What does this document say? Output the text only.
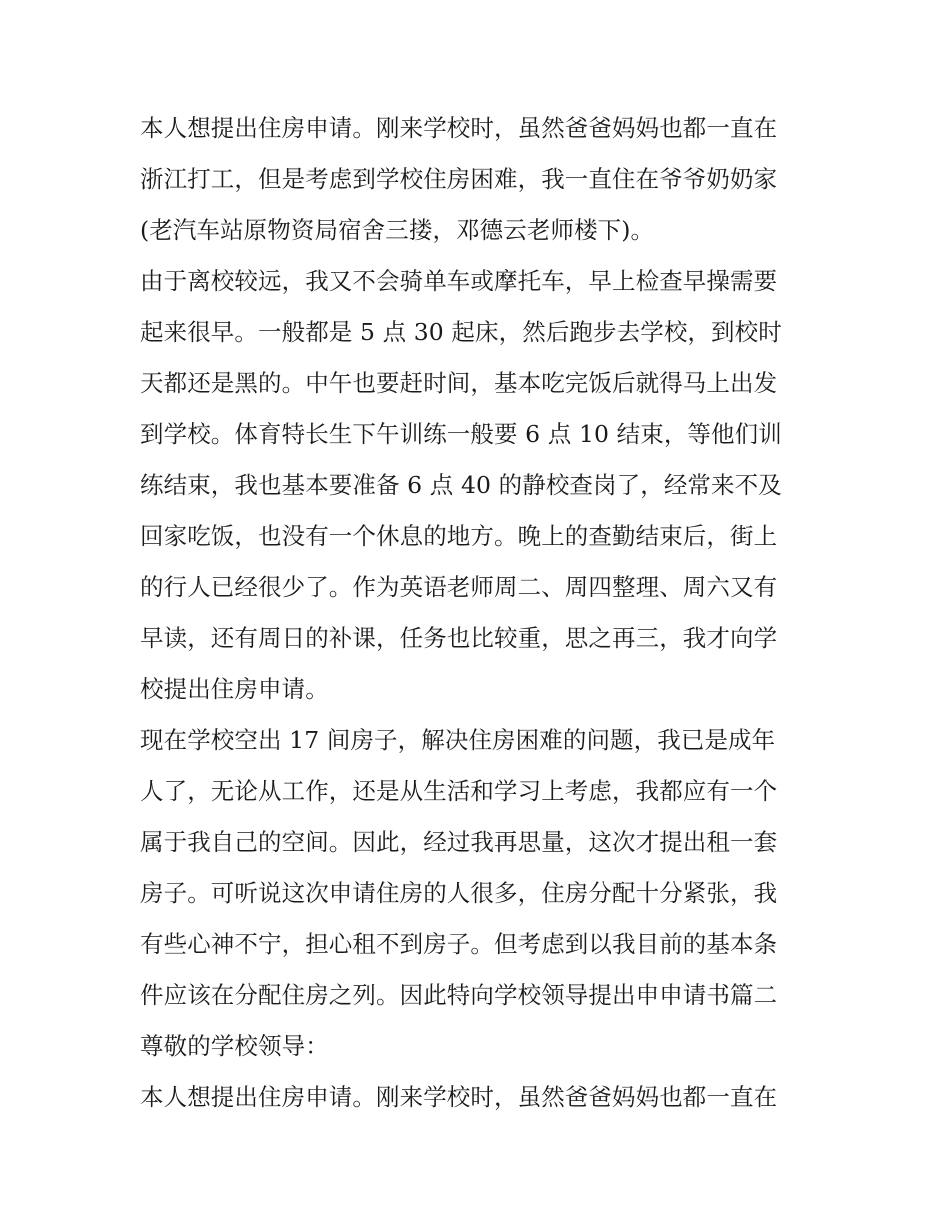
本人想提出住房申请。刚来学校时，虽然爸爸妈妈也都一直在
浙江打工，但是考虑到学校住房困难，我一直住在爷爷奶奶家
(老汽车站原物资局宿舍三搂，邓德云老师楼下)。
由于离校较远，我又不会骑单车或摩托车，早上检查早操需要
起来很早。一般都是 5 点 30 起床，然后跑步去学校，到校时
天都还是黑的。中午也要赶时间，基本吃完饭后就得马上出发
到学校。体育特长生下午训练一般要 6 点 10 结束，等他们训
练结束，我也基本要准备 6 点 40 的静校查岗了，经常来不及
回家吃饭，也没有一个休息的地方。晚上的查勤结束后，街上
的行人已经很少了。作为英语老师周二、周四整理、周六又有
早读，还有周日的补课，任务也比较重，思之再三，我才向学
校提出住房申请。
现在学校空出 17 间房子，解决住房困难的问题，我已是成年
人了，无论从工作，还是从生活和学习上考虑，我都应有一个
属于我自己的空间。因此，经过我再思量，这次才提出租一套
房子。可听说这次申请住房的人很多，住房分配十分紧张，我
有些心神不宁，担心租不到房子。但考虑到以我目前的基本条
件应该在分配住房之列。因此特向学校领导提出申申请书篇二
尊敬的学校领导：
本人想提出住房申请。刚来学校时，虽然爸爸妈妈也都一直在
